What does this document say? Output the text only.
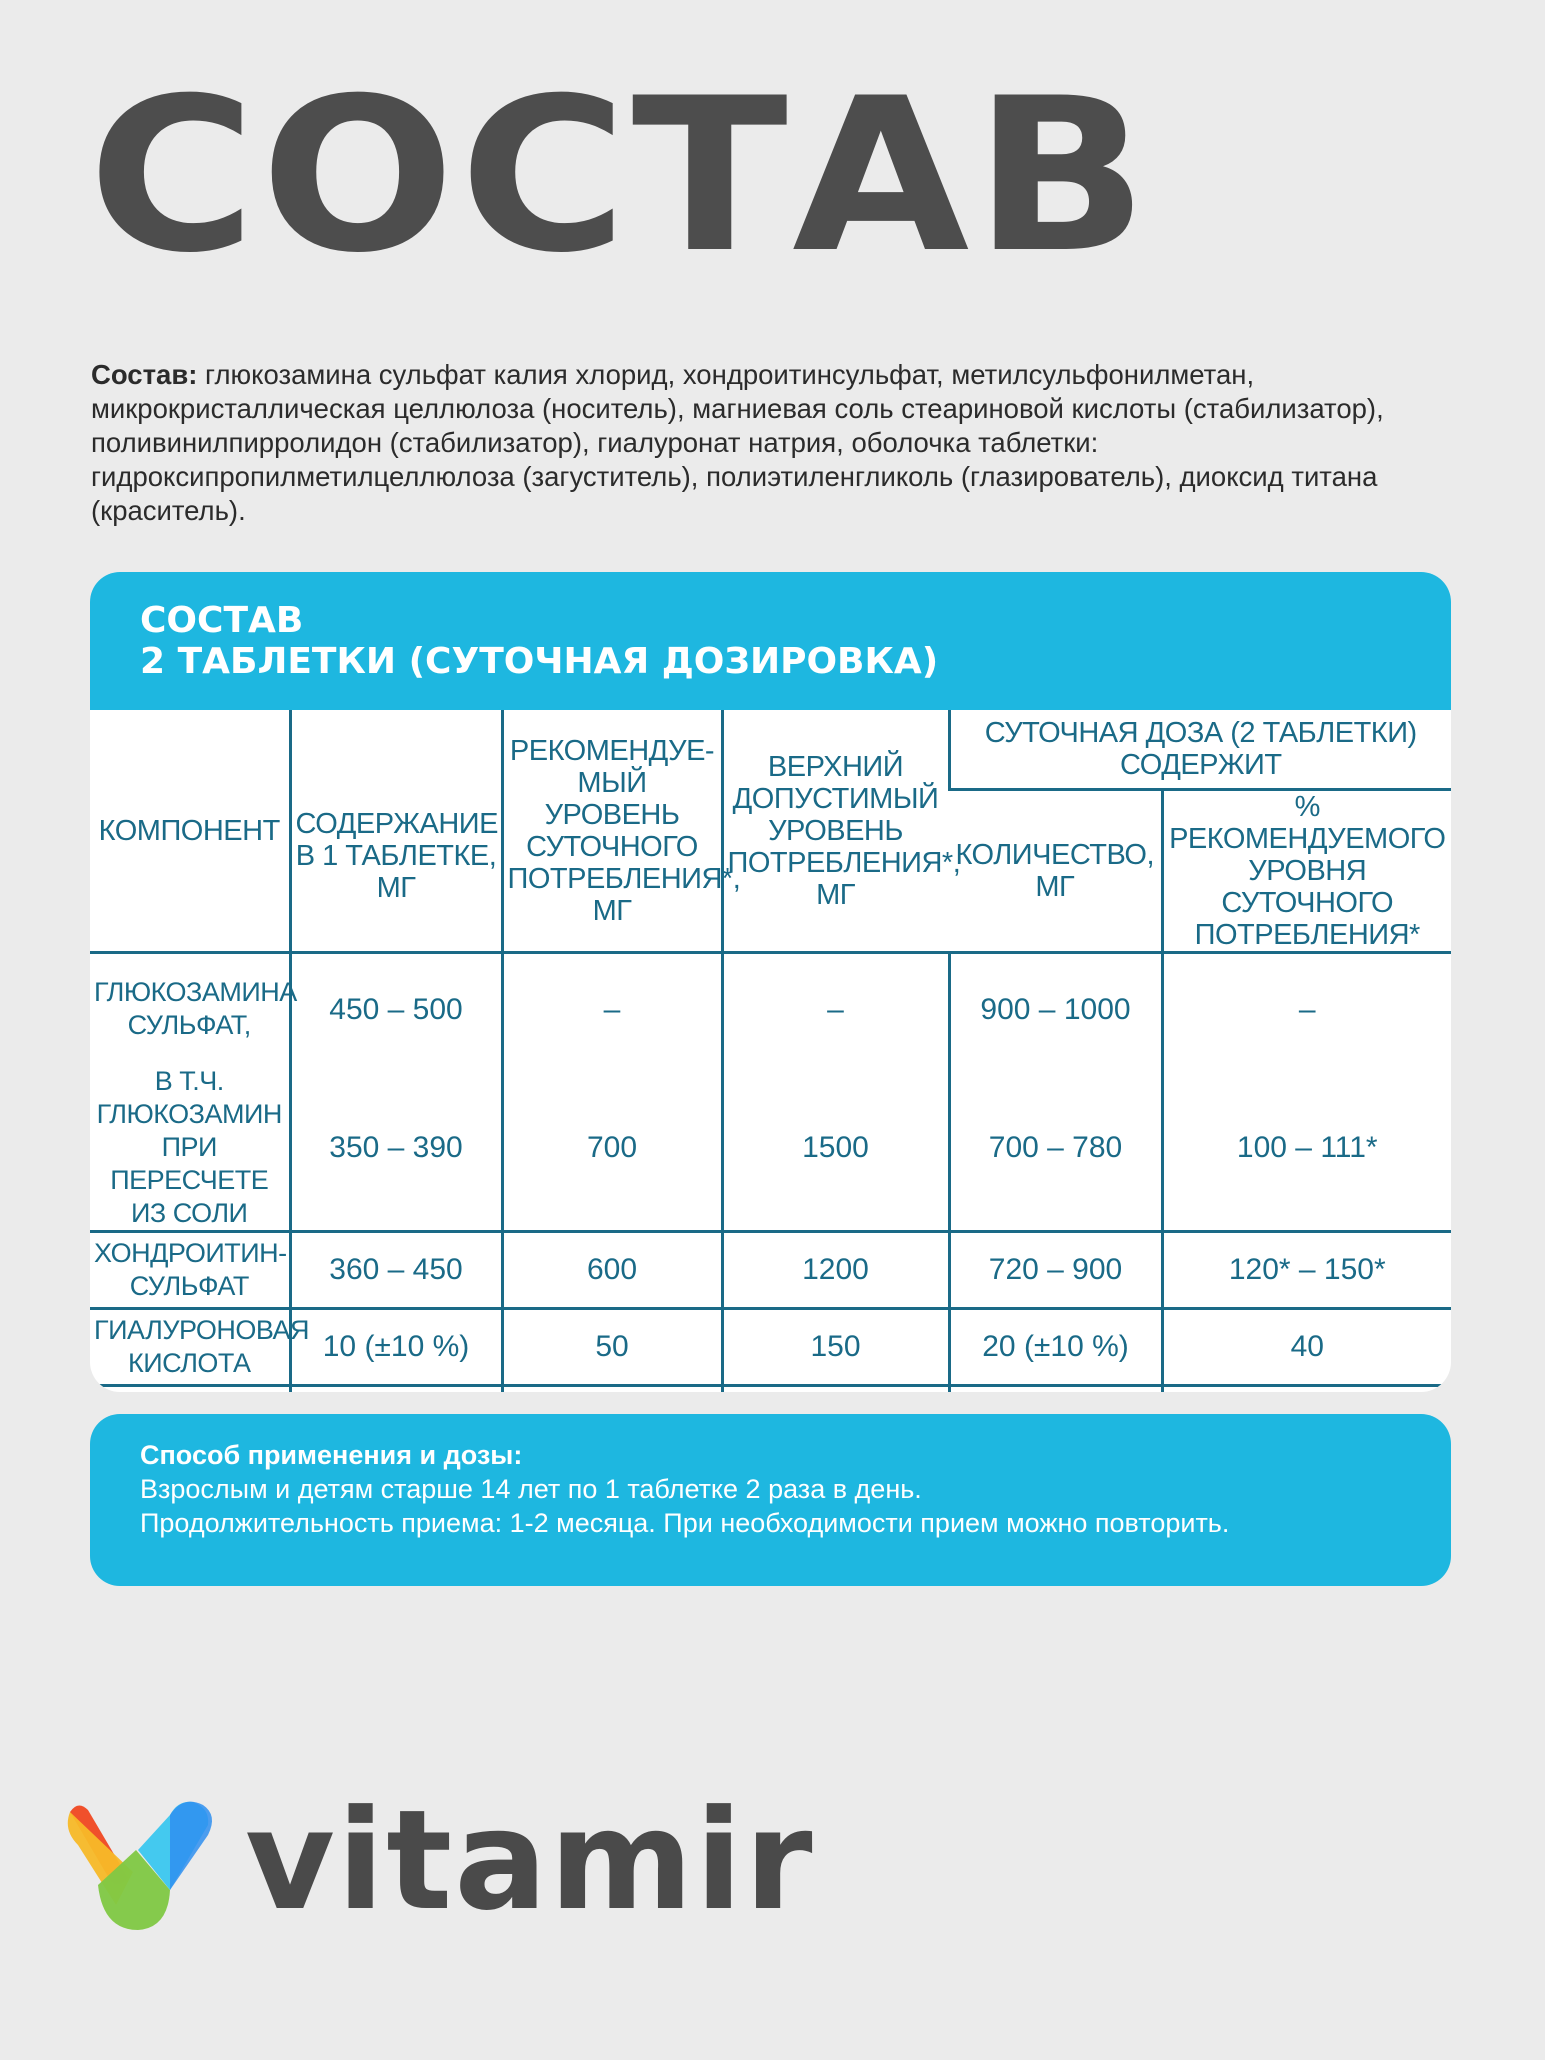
СОСТАВ
Состав: глюкозамина сульфат калия хлорид, хондроитинсульфат, метилсульфонилметан, микрокристаллическая целлюлоза (носитель), магниевая соль стеариновой кислоты (стабилизатор), поливинилпирролидон (стабилизатор), гиалуронат натрия, оболочка таблетки: гидроксипропилметилцеллюлоза (загуститель), полиэтиленгликоль (глазирователь), диоксид титана (краситель).
СОСТАВ
2 ТАБЛЕТКИ (СУТОЧНАЯ ДОЗИРОВКА)
КОМПОНЕНТ	СОДЕРЖАНИЕ В 1 ТАБЛЕТКЕ, МГ	РЕКОМЕНДУЕ-МЫЙ УРОВЕНЬ СУТОЧНОГО ПОТРЕБЛЕНИЯ*, МГ	ВЕРХНИЙ ДОПУСТИМЫЙ УРОВЕНЬ ПОТРЕБЛЕНИЯ*, МГ	СУТОЧНАЯ ДОЗА (2 ТАБЛЕТКИ) СОДЕРЖИТ	
				КОЛИЧЕСТВО, МГ	% РЕКОМЕНДУЕМОГО УРОВНЯ СУТОЧНОГО ПОТРЕБЛЕНИЯ*
ГЛЮКОЗАМИНА СУЛЬФАТ,	450 – 500	–	–	900 – 1000	–
В Т.Ч. ГЛЮКОЗАМИН ПРИ ПЕРЕСЧЕТЕ ИЗ СОЛИ	350 – 390	700	1500	700 – 780	100 – 111*
ХОНДРОИТИН-СУЛЬФАТ	360 – 450	600	1200	720 – 900	120* – 150*
ГИАЛУРОНОВАЯ КИСЛОТА	10 (±10 %)	50	150	20 (±10 %)	40

Способ применения и дозы:
Взрослым и детям старше 14 лет по 1 таблетке 2 раза в день.
Продолжительность приема: 1-2 месяца. При необходимости прием можно повторить.
vitamir
